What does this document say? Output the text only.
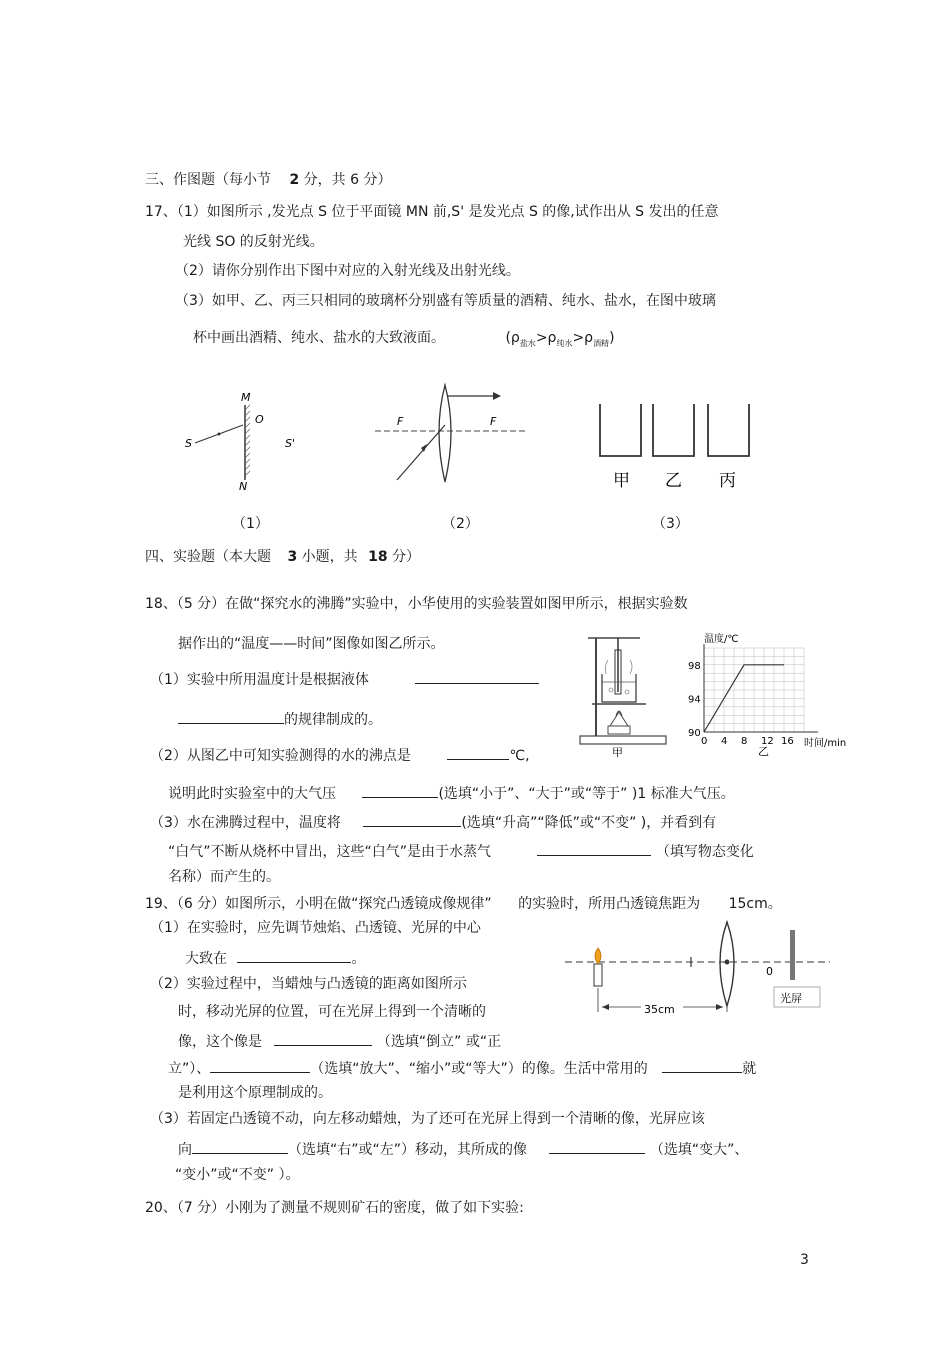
三、作图题（每小节 2 分，共 6 分）
17、（1）如图所示 ,发光点 S 位于平面镜 MN 前,S' 是发光点 S 的像,试作出从 S 发出的任意
光线 SO 的反射光线。
（2）请你分别作出下图中对应的入射光线及出射光线。
（3）如甲、乙、丙三只相同的玻璃杯分别盛有等质量的酒精、纯水、盐水，在图中玻璃
杯中画出酒精、纯水、盐水的大致液面。	$(\rho_{盐水}>\rho_{纯水}>\rho_{酒精})$
M
O
S	S'
N
（1）
F	F
（2）
甲 乙 丙
（3）
四、实验题（本大题 3 小题，共 18 分）
18、（5 分）在做“探究水的沸腾”实验中，小华使用的实验装置如图甲所示，根据实验数
据作出的“温度——时间”图像如图乙所示。
（1）实验中所用温度计是根据液体
的规律制成的。
（2）从图乙中可知实验测得的水的沸点是	℃,	甲
温度/℃
0 4 8 12 16
90
94
98
时间/min
乙
说明此时实验室中的大气压	(选填“小于”、“大于”或“等于” )1 标准大气压。
（3）水在沸腾过程中，温度将	(选填“升高”“降低”或“不变” )，并看到有
“白气”不断从烧杯中冒出，这些“白气”是由于水蒸气	（填写物态变化
名称）而产生的。
19、（6 分）如图所示，小明在做“探究凸透镜成像规律” 的实验时，所用凸透镜焦距为 15cm。
（1）在实验时，应先调节烛焰、凸透镜、光屏的中心
大致在	。
（2）实验过程中，当蜡烛与凸透镜的距离如图所示
时，移动光屏的位置，可在光屏上得到一个清晰的
像，这个像是	（选填“倒立” 或“正
立”）、	（选填“放大”、“缩小”或“等大”）的像。生活中常用的	就
是利用这个原理制成的。
（3）若固定凸透镜不动，向左移动蜡烛，为了还可在光屏上得到一个清晰的像，光屏应该
向	（选填“右”或“左”）移动，其所成的像	（选填“变大”、
“变小”或“不变” ）。
0
35cm
光屏
20、（7 分）小刚为了测量不规则矿石的密度，做了如下实验:
3
